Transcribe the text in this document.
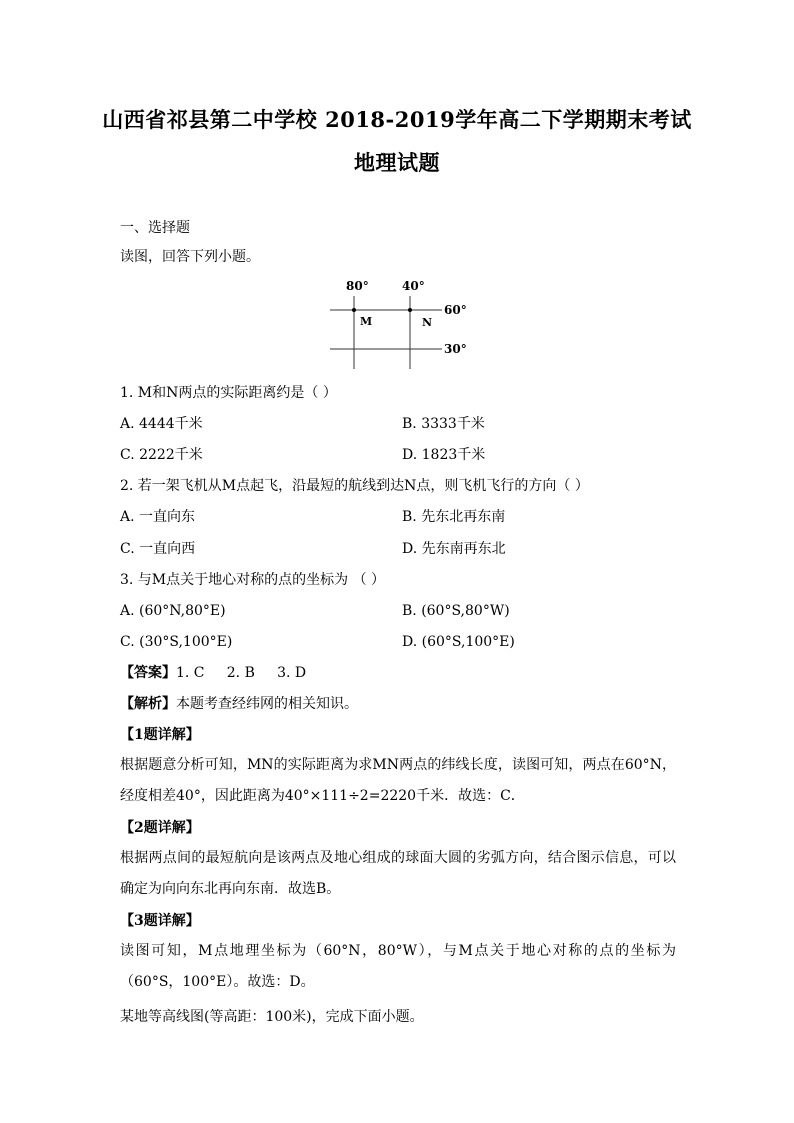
山西省祁县第二中学校 2018-2019学年高二下学期期末考试
地理试题
一、选择题
读图，回答下列小题。
80°	40°
M	N
60°
30°
1. M和N两点的实际距离约是（ ）
A. 4444千米	B. 3333千米
C. 2222千米	D. 1823千米
2. 若一架飞机从M点起飞，沿最短的航线到达N点，则飞机飞行的方向（ ）
A. 一直向东	B. 先东北再东南
C. 一直向西	D. 先东南再东北
3. 与M点关于地心对称的点的坐标为 （ ）
A. (60°N,80°E)	B. (60°S,80°W)
C. (30°S,100°E)	D. (60°S,100°E)
【答案】1. C     2. B     3. D
【解析】本题考查经纬网的相关知识。
【1题详解】
根据题意分析可知，MN的实际距离为求MN两点的纬线长度，读图可知，两点在60°N，经度相差40°，因此距离为40°×111÷2=2220千米．故选：C．
【2题详解】
根据两点间的最短航向是该两点及地心组成的球面大圆的劣弧方向，结合图示信息，可以确定为向向东北再向东南．故选B。
【3题详解】
读图可知，M点地理坐标为（60°N，80°W），与M点关于地心对称的点的坐标为（60°S，100°E）。故选：D。
某地等高线图(等高距：100米)，完成下面小题。
